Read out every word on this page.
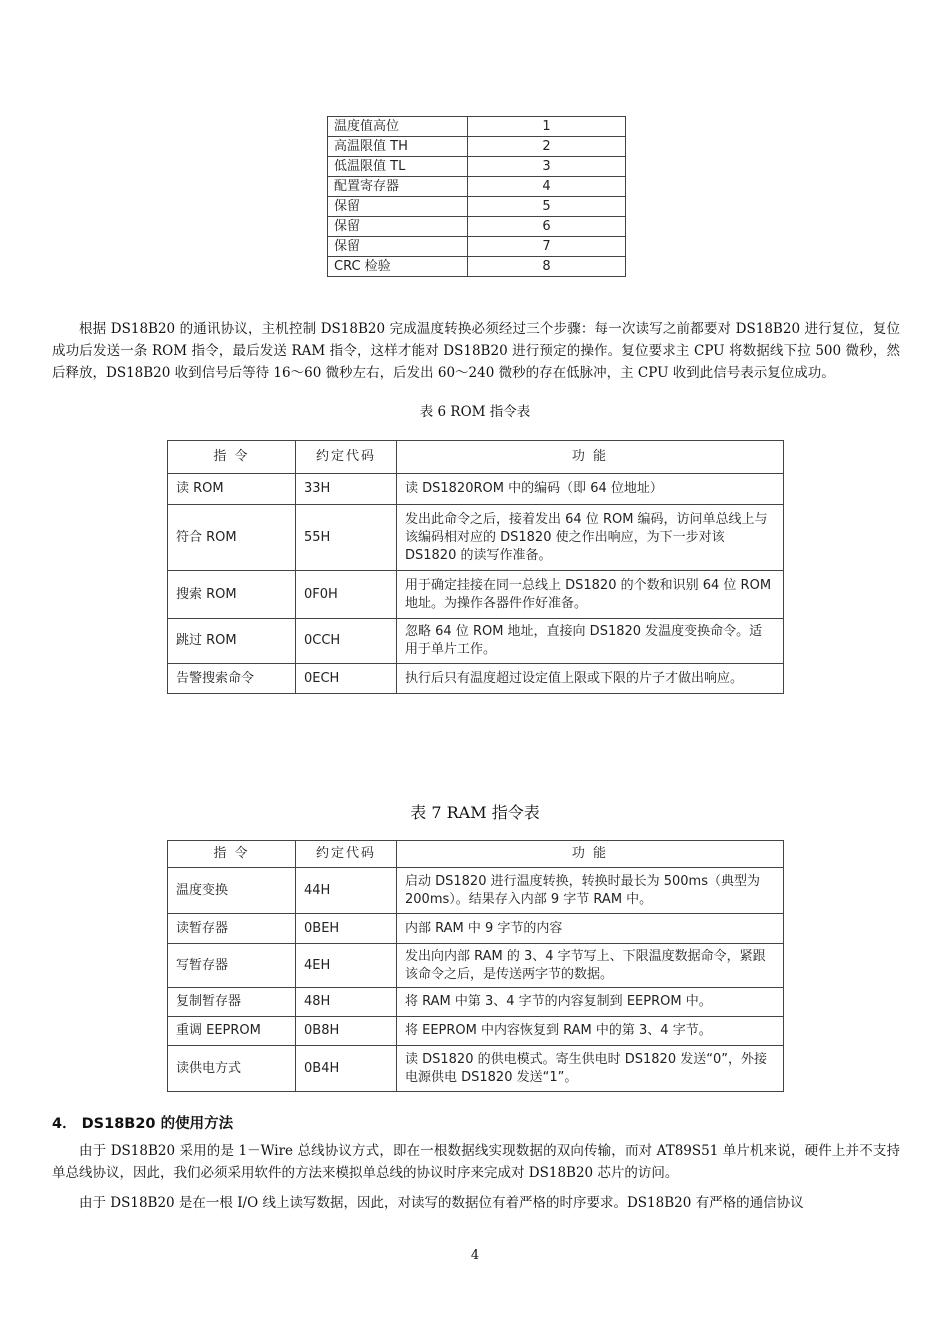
温度值高位	1
高温限值 TH	2
低温限值 TL	3
配置寄存器	4
保留	5
保留	6
保留	7
CRC 检验	8
根据 DS18B20 的通讯协议，主机控制 DS18B20 完成温度转换必须经过三个步骤：每一次读写之前都要对 DS18B20 进行复位，复位成功后发送一条 ROM 指令，最后发送 RAM 指令，这样才能对 DS18B20 进行预定的操作。复位要求主 CPU 将数据线下拉 500 微秒，然后释放，DS18B20 收到信号后等待 16～60 微秒左右，后发出 60～240 微秒的存在低脉冲，主 CPU 收到此信号表示复位成功。
表 6 ROM 指令表
指 令	约定代码	功 能
读 ROM	33H	读 DS1820ROM 中的编码（即 64 位地址）
符合 ROM	55H	发出此命令之后，接着发出 64 位 ROM 编码，访问单总线上与该编码相对应的 DS1820 使之作出响应，为下一步对该 DS1820 的读写作准备。
搜索 ROM	0F0H	用于确定挂接在同一总线上 DS1820 的个数和识别 64 位 ROM 地址。为操作各器件作好准备。
跳过 ROM	0CCH	忽略 64 位 ROM 地址，直接向 DS1820 发温度变换命令。适用于单片工作。
告警搜索命令	0ECH	执行后只有温度超过设定值上限或下限的片子才做出响应。
表 7 RAM 指令表
指 令	约定代码	功 能
温度变换	44H	启动 DS1820 进行温度转换，转换时最长为 500ms（典型为 200ms）。结果存入内部 9 字节 RAM 中。
读暂存器	0BEH	内部 RAM 中 9 字节的内容
写暂存器	4EH	发出向内部 RAM 的 3、4 字节写上、下限温度数据命令，紧跟该命令之后，是传送两字节的数据。
复制暂存器	48H	将 RAM 中第 3、4 字节的内容复制到 EEPROM 中。
重调 EEPROM	0B8H	将 EEPROM 中内容恢复到 RAM 中的第 3、4 字节。
读供电方式	0B4H	读 DS1820 的供电模式。寄生供电时 DS1820 发送“0”，外接电源供电 DS1820 发送“1”。
4． DS18B20 的使用方法
由于 DS18B20 采用的是 1－Wire 总线协议方式，即在一根数据线实现数据的双向传输，而对 AT89S51 单片机来说，硬件上并不支持单总线协议，因此，我们必须采用软件的方法来模拟单总线的协议时序来完成对 DS18B20 芯片的访问。
由于 DS18B20 是在一根 I/O 线上读写数据，因此，对读写的数据位有着严格的时序要求。DS18B20 有严格的通信协议
4
